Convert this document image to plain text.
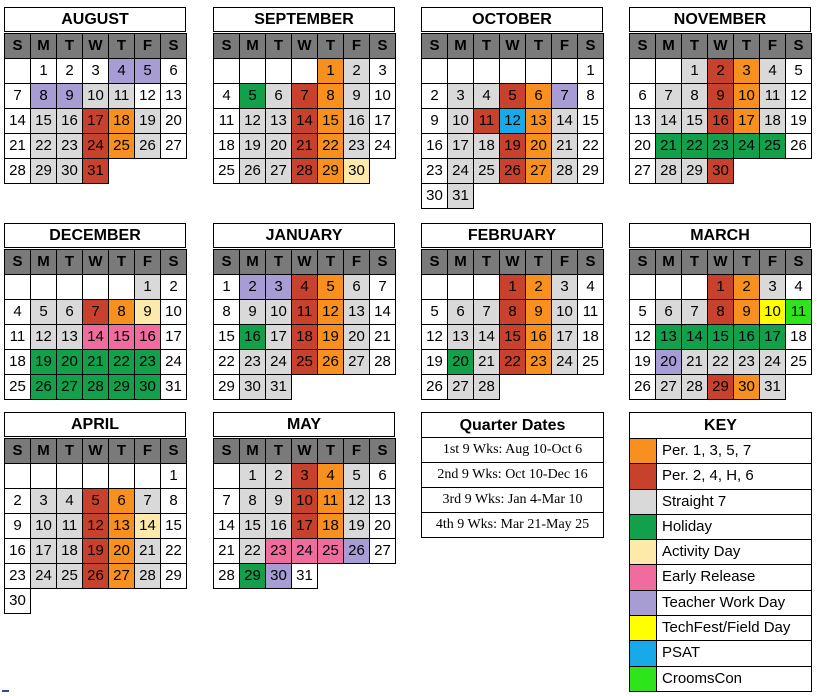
AUGUST
S	M	T	W	T	F	S
	1	2	3	4	5	6
7	8	9	10	11	12	13
14	15	16	17	18	19	20
21	22	23	24	25	26	27
28	29	30	31			
SEPTEMBER
S	M	T	W	T	F	S
				1	2	3
4	5	6	7	8	9	10
11	12	13	14	15	16	17
18	19	20	21	22	23	24
25	26	27	28	29	30	
OCTOBER
S	M	T	W	T	F	S
						1
2	3	4	5	6	7	8
9	10	11	12	13	14	15
16	17	18	19	20	21	22
23	24	25	26	27	28	29
30	31					
NOVEMBER
S	M	T	W	T	F	S
		1	2	3	4	5
6	7	8	9	10	11	12
13	14	15	16	17	18	19
20	21	22	23	24	25	26
27	28	29	30			
DECEMBER
S	M	T	W	T	F	S
					1	2
4	5	6	7	8	9	10
11	12	13	14	15	16	17
18	19	20	21	22	23	24
25	26	27	28	29	30	31
JANUARY
S	M	T	W	T	F	S
1	2	3	4	5	6	7
8	9	10	11	12	13	14
15	16	17	18	19	20	21
22	23	24	25	26	27	28
29	30	31				
FEBRUARY
S	M	T	W	T	F	S
			1	2	3	4
5	6	7	8	9	10	11
12	13	14	15	16	17	18
19	20	21	22	23	24	25
26	27	28				
MARCH
S	M	T	W	T	F	S
			1	2	3	4
5	6	7	8	9	10	11
12	13	14	15	16	17	18
19	20	21	22	23	24	25
26	27	28	29	30	31	
APRIL
S	M	T	W	T	F	S
						1
2	3	4	5	6	7	8
9	10	11	12	13	14	15
16	17	18	19	20	21	22
23	24	25	26	27	28	29
30						
MAY
S	M	T	W	T	F	S
	1	2	3	4	5	6
7	8	9	10	11	12	13
14	15	16	17	18	19	20
21	22	23	24	25	26	27
28	29	30	31			
Quarter Dates
1st 9 Wks: Aug 10-Oct 6
2nd 9 Wks: Oct 10-Dec 16
3rd 9 Wks: Jan 4-Mar 10
4th 9 Wks: Mar 21-May 25
KEY
Per. 1, 3, 5, 7
Per. 2, 4, H, 6
Straight 7
Holiday
Activity Day
Early Release
Teacher Work Day
TechFest/Field Day
PSAT
CroomsCon
